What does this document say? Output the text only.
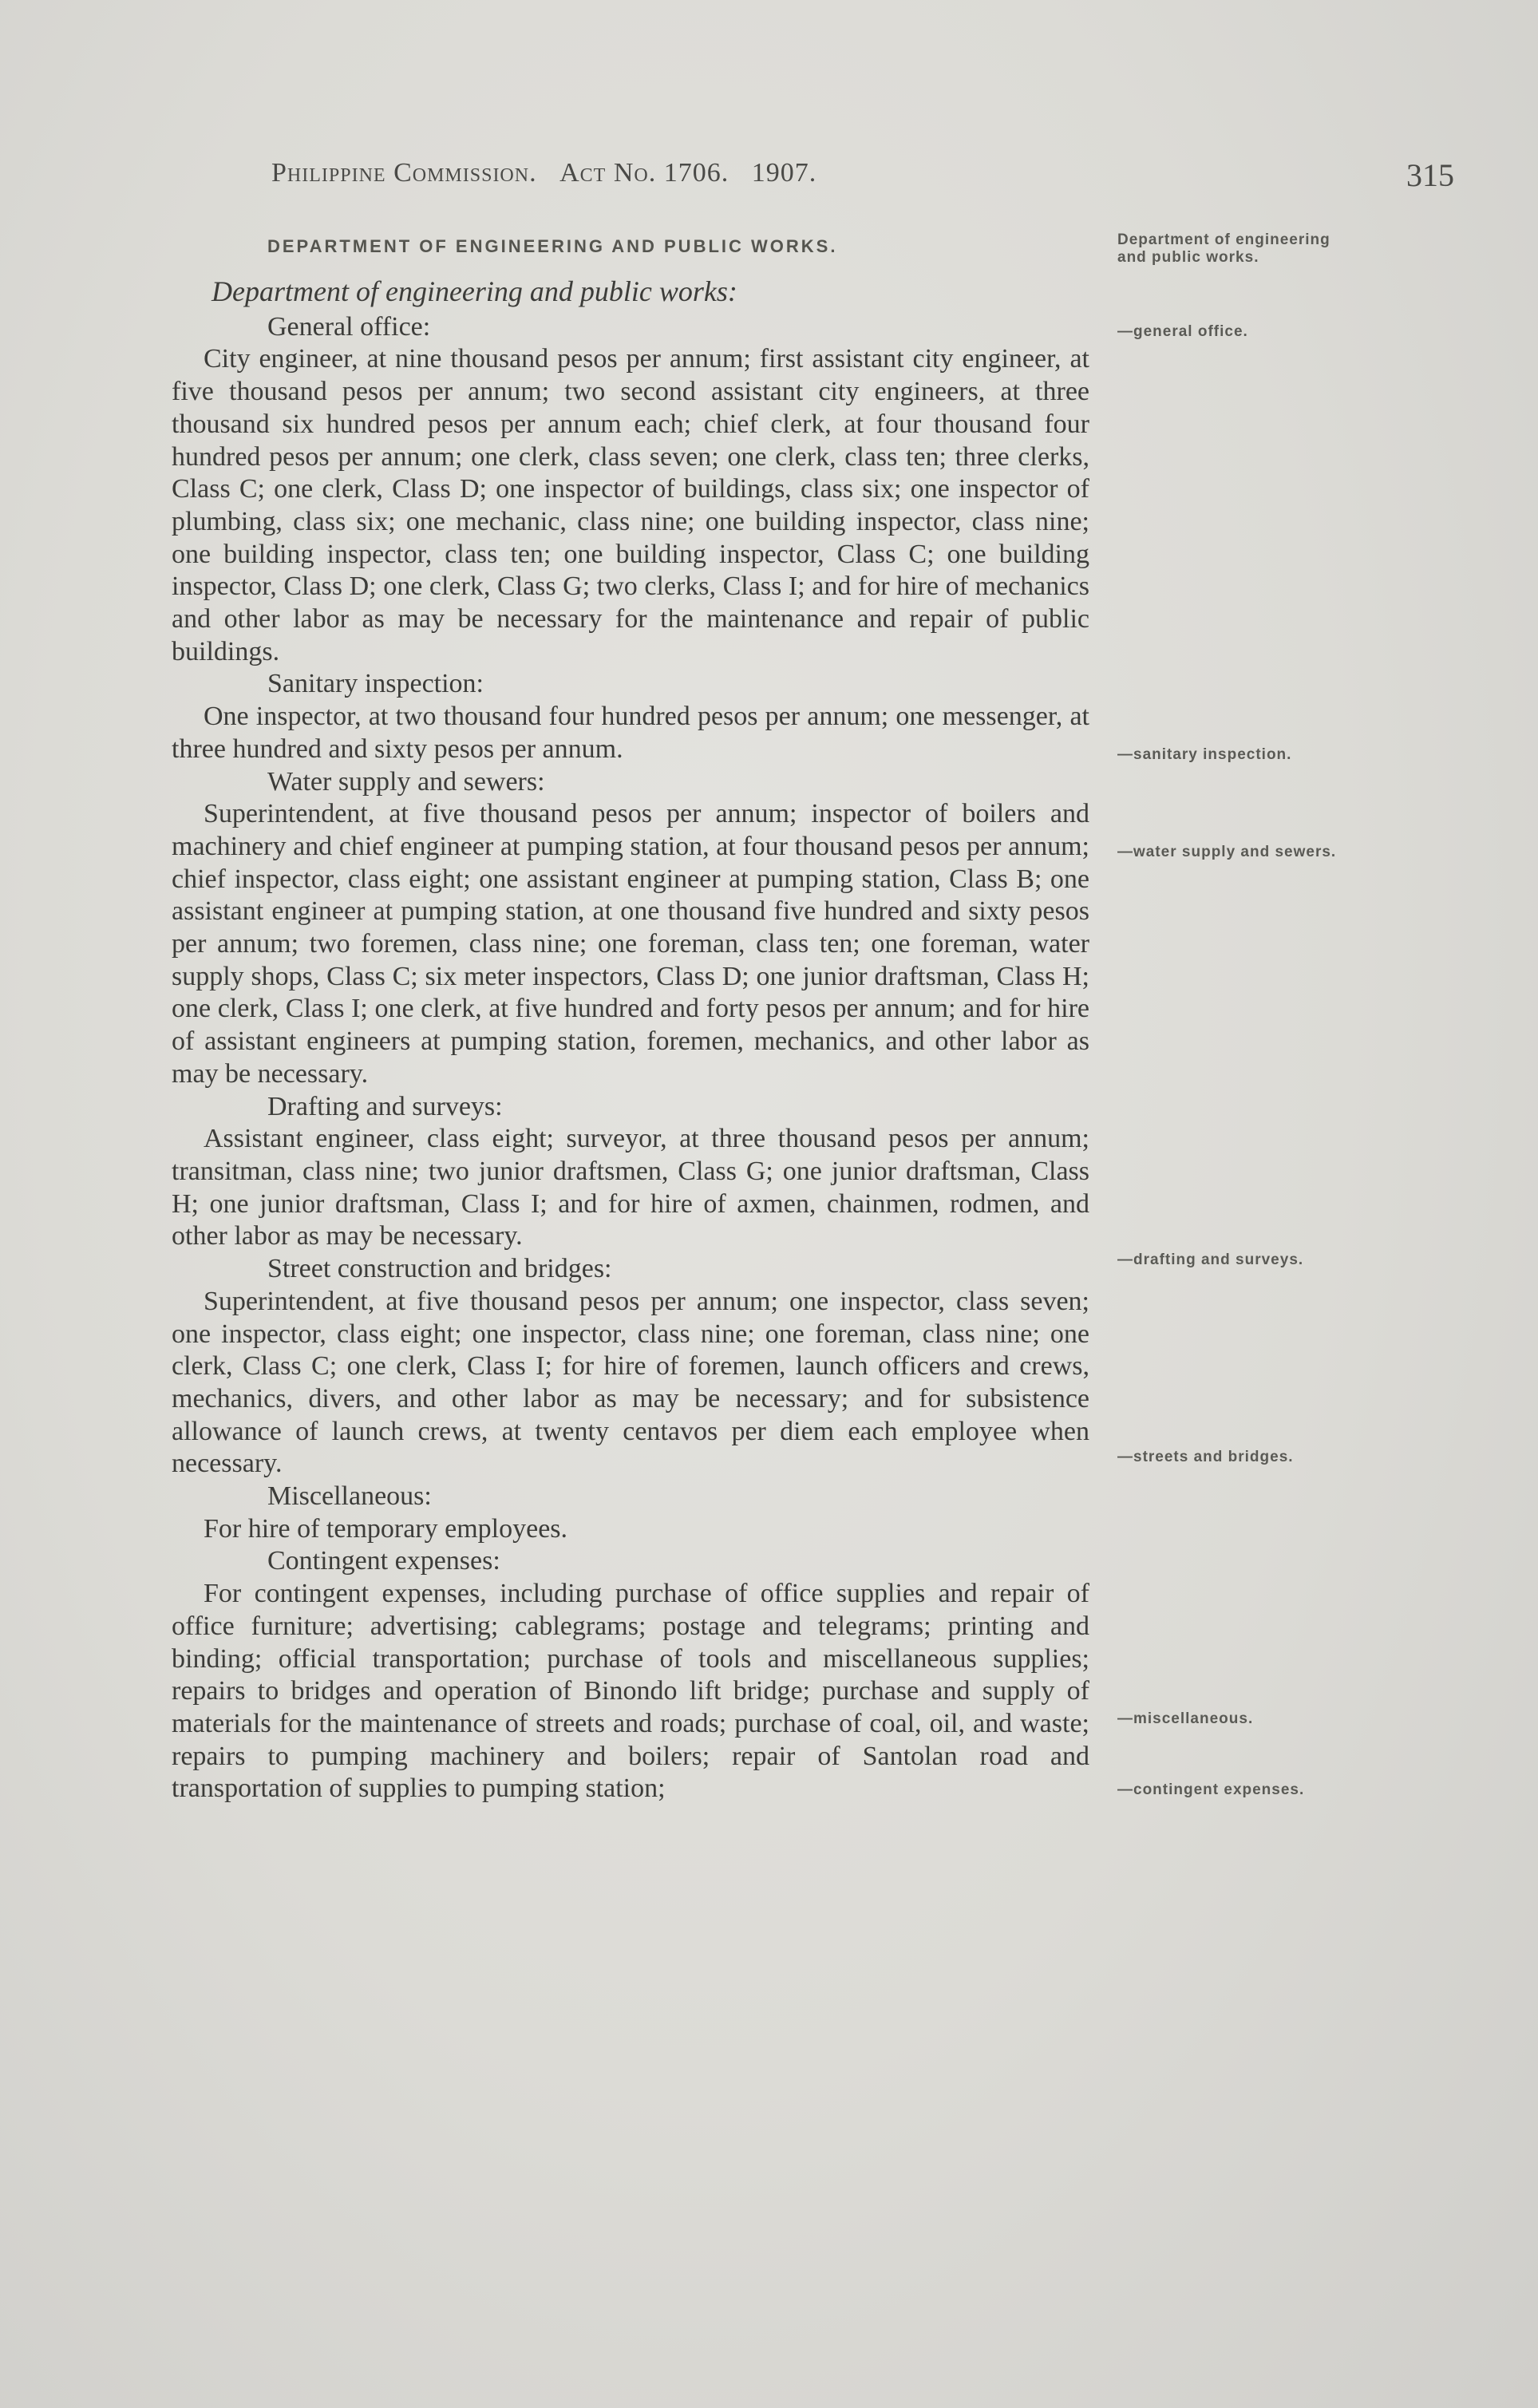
Philippine Commission. Act No. 1706. 1907.	315
DEPARTMENT OF ENGINEERING AND PUBLIC WORKS.

Department of engineering and public works:

General office:

City engineer, at nine thousand pesos per annum; first assistant city engineer, at five thousand pesos per annum; two second assistant city engineers, at three thousand six hundred pesos per annum each; chief clerk, at four thousand four hundred pesos per annum; one clerk, class seven; one clerk, class ten; three clerks, Class C; one clerk, Class D; one inspector of buildings, class six; one inspector of plumbing, class six; one mechanic, class nine; one building inspector, class nine; one building inspector, class ten; one building inspector, Class C; one building inspector, Class D; one clerk, Class G; two clerks, Class I; and for hire of mechanics and other labor as may be necessary for the maintenance and repair of public buildings.

Sanitary inspection:

One inspector, at two thousand four hundred pesos per annum; one messenger, at three hundred and sixty pesos per annum.

Water supply and sewers:

Superintendent, at five thousand pesos per annum; inspector of boilers and machinery and chief engineer at pumping station, at four thousand pesos per annum; chief inspector, class eight; one assistant engineer at pumping station, Class B; one assistant engineer at pumping station, at one thousand five hundred and sixty pesos per annum; two foremen, class nine; one foreman, class ten; one foreman, water supply shops, Class C; six meter inspectors, Class D; one junior draftsman, Class H; one clerk, Class I; one clerk, at five hundred and forty pesos per annum; and for hire of assistant engineers at pumping station, foremen, mechanics, and other labor as may be necessary.

Drafting and surveys:

Assistant engineer, class eight; surveyor, at three thousand pesos per annum; transitman, class nine; two junior draftsmen, Class G; one junior draftsman, Class H; one junior draftsman, Class I; and for hire of axmen, chainmen, rodmen, and other labor as may be necessary.

Street construction and bridges:

Superintendent, at five thousand pesos per annum; one inspector, class seven; one inspector, class eight; one inspector, class nine; one foreman, class nine; one clerk, Class C; one clerk, Class I; for hire of foremen, launch officers and crews, mechanics, divers, and other labor as may be necessary; and for subsistence allowance of launch crews, at twenty centavos per diem each employee when necessary.

Miscellaneous:

For hire of temporary employees.

Contingent expenses:

For contingent expenses, including purchase of office supplies and repair of office furniture; advertising; cablegrams; postage and telegrams; printing and binding; official transportation; purchase of tools and miscellaneous supplies; repairs to bridges and operation of Binondo lift bridge; purchase and supply of materials for the maintenance of streets and roads; purchase of coal, oil, and waste; repairs to pumping machinery and boilers; repair of Santolan road and transportation of supplies to pumping station;

Department of engineering and public works.
—general office.
—sanitary inspection.
—water supply and sewers.
—drafting and surveys.
—streets and bridges.
—miscellaneous.
—contingent expenses.
